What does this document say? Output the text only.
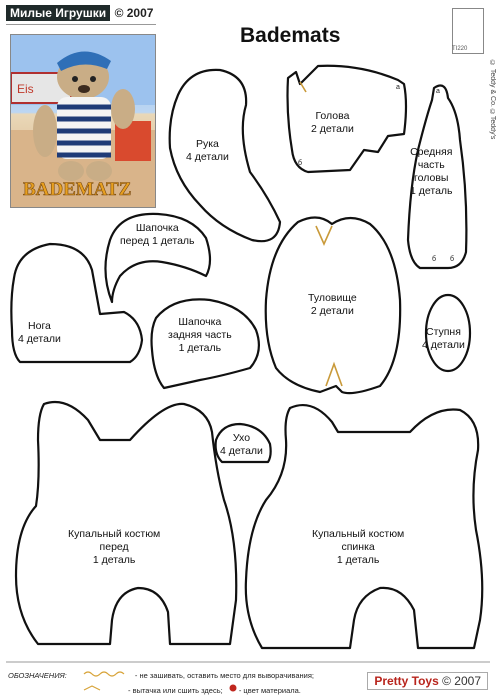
Милые Игрушки © 2007
Bademats
Eis
BADEMATZ
TI220
© Teddy & Co. ©Teddy's
Рука
4 детали
Голова
2 детали
Средняя
часть
головы
1 деталь
Шапочка
перед 1 деталь
Нога
4 детали
Шапочка
задняя часть
1 деталь
Туловище
2 детали
Ступня
4 детали
Ухо
4 детали
Купальный костюм
перед
1 деталь
Купальный костюм
спинка
1 деталь
а
б
а
б б
ОБОЗНАЧЕНИЯ:	- не зашивать, оставить место для выворачивания;
- вытачка или сшить здесь; - цвет материала.
Pretty Toys © 2007
